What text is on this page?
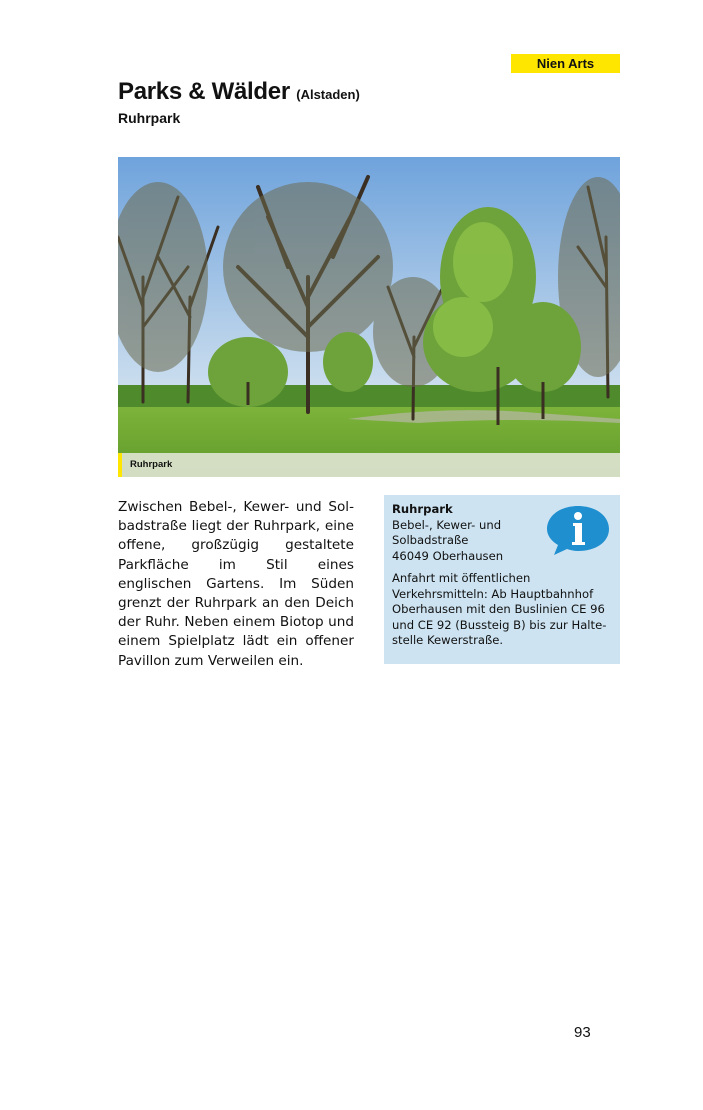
Nien Arts
Parks & Wälder (Alstaden)
Ruhrpark
Ruhrpark
Zwischen Bebel-, Kewer- und Solbadstraße liegt der Ruhrpark, eine offene, großzügig gestaltete Parkfläche im Stil eines englischen Gartens. Im Süden grenzt der Ruhrpark an den Deich der Ruhr. Neben einem Biotop und einem Spielplatz lädt ein offener Pavillon zum Verweilen ein.
Ruhrpark
Bebel-, Kewer- und
Solbadstraße
46049 Oberhausen
Anfahrt mit öffentlichen Verkehrsmitteln: Ab Hauptbahnhof Oberhausen mit den Buslinien CE 96 und CE 92 (Bussteig B) bis zur Haltestelle Kewerstraße.
93
